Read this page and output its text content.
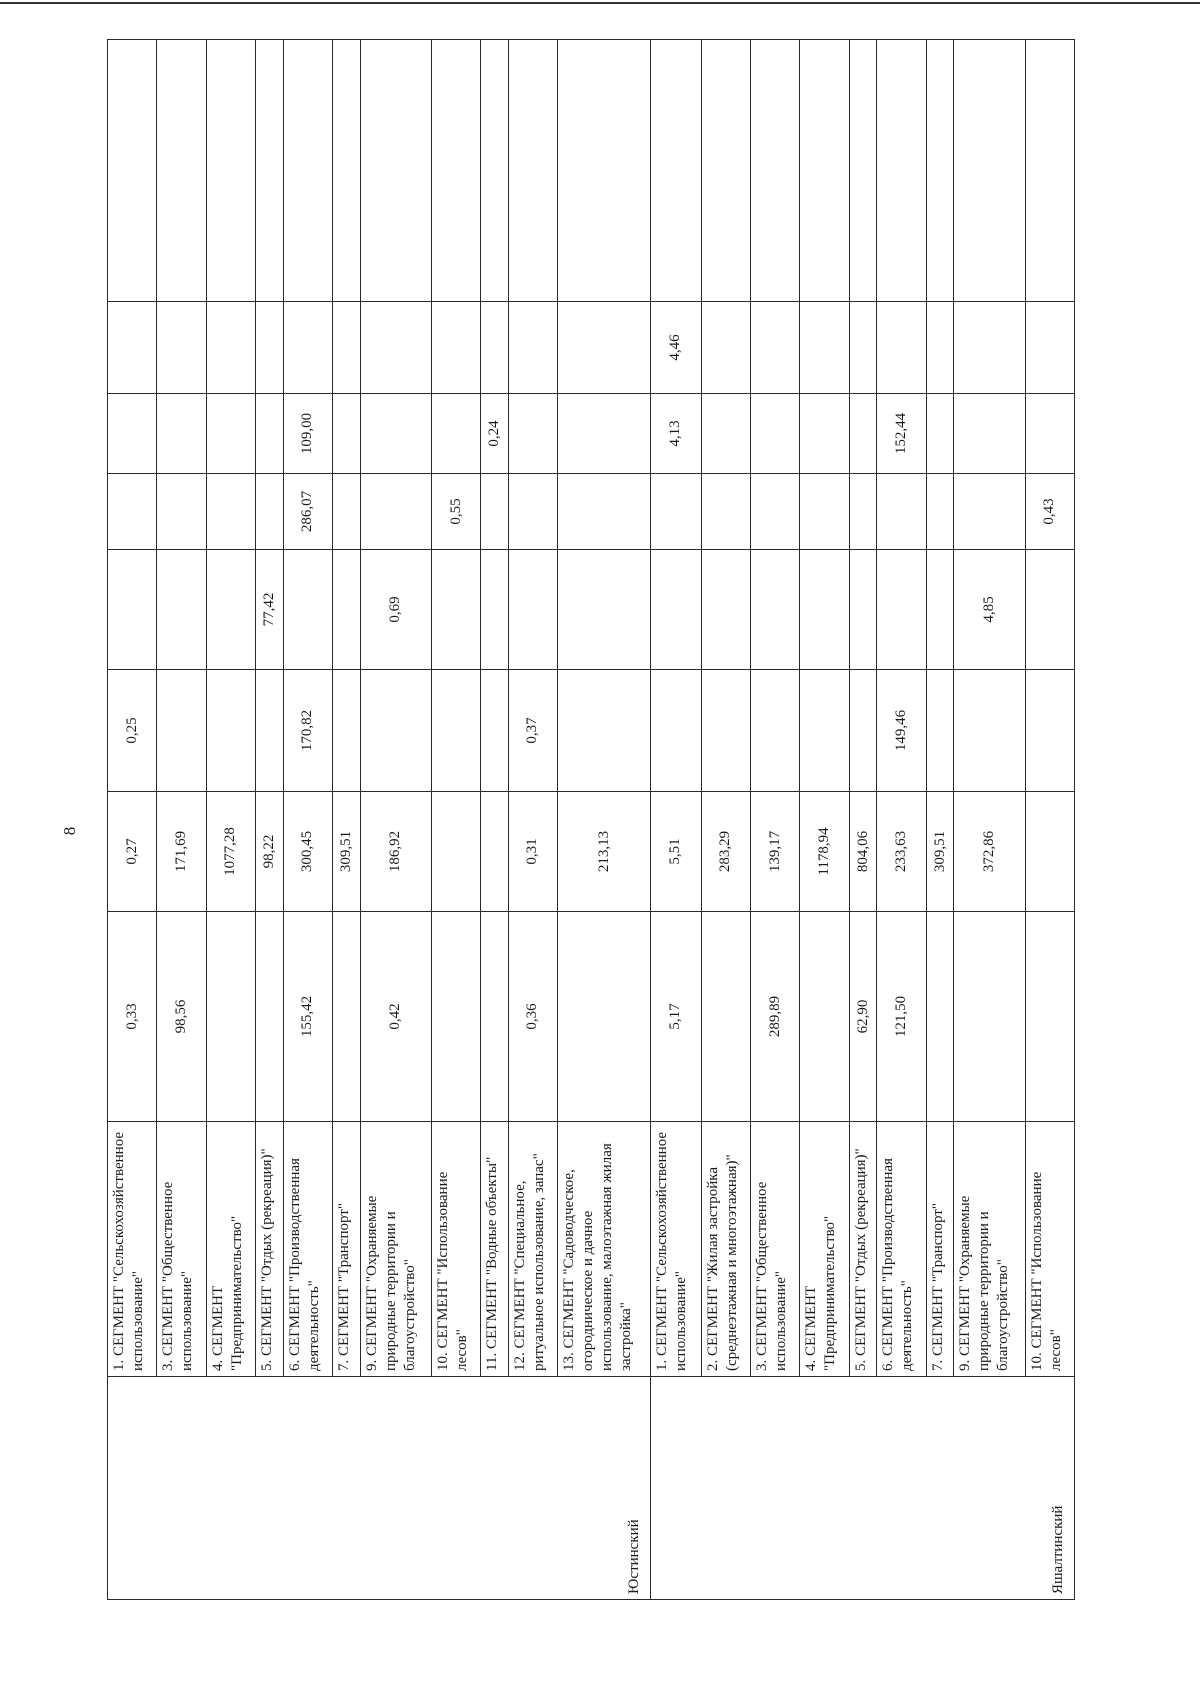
8
Юстинский	1. СЕГМЕНТ "Сельскохозяйственное использование"	0,33	0,27	0,25					
	3. СЕГМЕНТ "Общественное использование"	98,56	171,69						
	4. СЕГМЕНТ "Предпринимательство"		1077,28						
	5. СЕГМЕНТ "Отдых (рекреация)"		98,22		77,42				
	6. СЕГМЕНТ "Производственная деятельность"	155,42	300,45	170,82		286,07	109,00		
	7. СЕГМЕНТ "Транспорт"		309,51						
	9. СЕГМЕНТ "Охраняемые природные территории и благоустройство"	0,42	186,92		0,69				
	10. СЕГМЕНТ "Использование лесов"					0,55			
	11. СЕГМЕНТ "Водные объекты"						0,24		
	12. СЕГМЕНТ "Специальное, ритуальное использование, запас"	0,36	0,31	0,37					
	13. СЕГМЕНТ "Садоводческое, огородническое и дачное использование, малоэтажная жилая застройка"		213,13						
Яшалтинский	1. СЕГМЕНТ "Сельскохозяйственное использование"	5,17	5,51				4,13	4,46	
	2. СЕГМЕНТ "Жилая застройка (среднеэтажная и многоэтажная)"		283,29						
	3. СЕГМЕНТ "Общественное использование"	289,89	139,17						
	4. СЕГМЕНТ "Предпринимательство"		1178,94						
	5. СЕГМЕНТ "Отдых (рекреация)"	62,90	804,06						
	6. СЕГМЕНТ "Производственная деятельность"	121,50	233,63	149,46			152,44		
	7. СЕГМЕНТ "Транспорт"		309,51						
	9. СЕГМЕНТ "Охраняемые природные территории и благоустройство"		372,86		4,85				
	10. СЕГМЕНТ "Использование лесов"					0,43			
